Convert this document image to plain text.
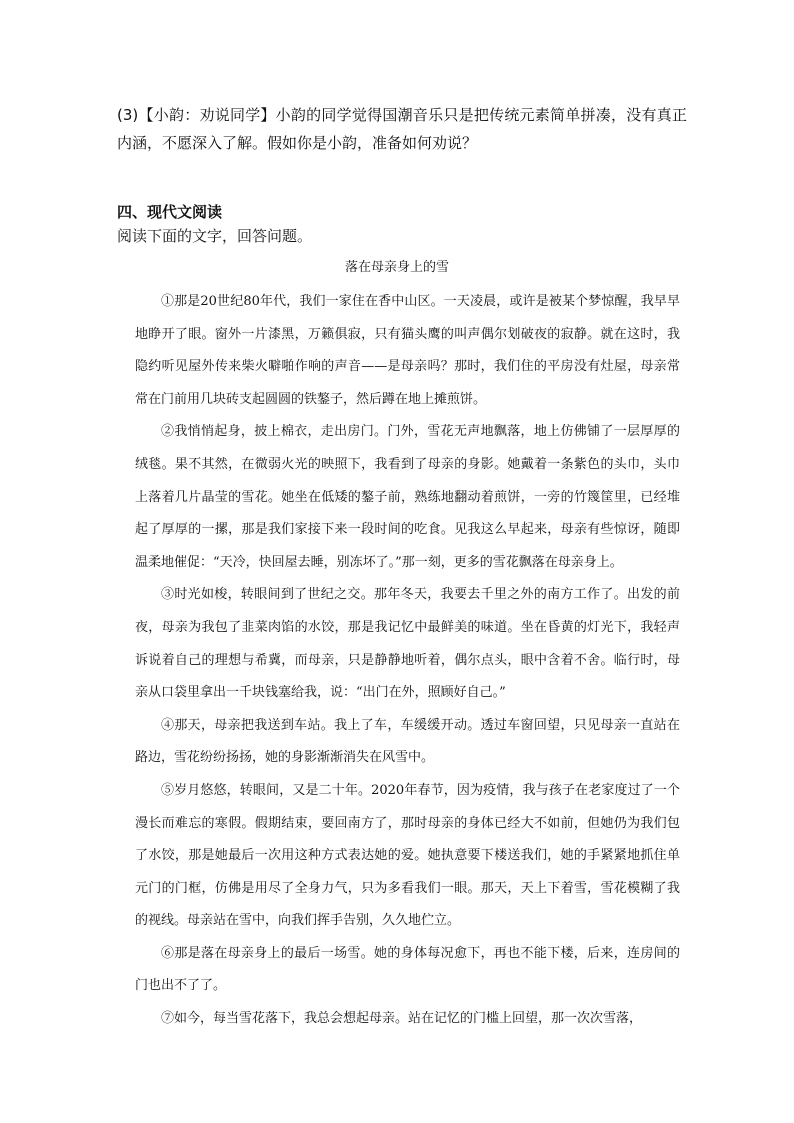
(3)【小韵：劝说同学】小韵的同学觉得国潮音乐只是把传统元素简单拼凑，没有真正内涵，不愿深入了解。假如你是小韵，准备如何劝说？
四、现代文阅读
阅读下面的文字，回答问题。
落在母亲身上的雪

①那是20世纪80年代，我们一家住在香中山区。一天凌晨，或许是被某个梦惊醒，我早早地睁开了眼。窗外一片漆黑，万籁俱寂，只有猫头鹰的叫声偶尔划破夜的寂静。就在这时，我隐约听见屋外传来柴火噼啪作响的声音——是母亲吗？那时，我们住的平房没有灶屋，母亲常常在门前用几块砖支起圆圆的铁鏊子，然后蹲在地上摊煎饼。

②我悄悄起身，披上棉衣，走出房门。门外，雪花无声地飘落，地上仿佛铺了一层厚厚的绒毯。果不其然，在微弱火光的映照下，我看到了母亲的身影。她戴着一条紫色的头巾，头巾上落着几片晶莹的雪花。她坐在低矮的鏊子前，熟练地翻动着煎饼，一旁的竹篾筐里，已经堆起了厚厚的一摞，那是我们家接下来一段时间的吃食。见我这么早起来，母亲有些惊讶，随即温柔地催促：“天冷，快回屋去睡，别冻坏了。”那一刻，更多的雪花飘落在母亲身上。

③时光如梭，转眼间到了世纪之交。那年冬天，我要去千里之外的南方工作了。出发的前夜，母亲为我包了韭菜肉馅的水饺，那是我记忆中最鲜美的味道。坐在昏黄的灯光下，我轻声诉说着自己的理想与希冀，而母亲，只是静静地听着，偶尔点头，眼中含着不舍。临行时，母亲从口袋里拿出一千块钱塞给我，说：“出门在外，照顾好自己。”

④那天，母亲把我送到车站。我上了车，车缓缓开动。透过车窗回望，只见母亲一直站在路边，雪花纷纷扬扬，她的身影渐渐消失在风雪中。

⑤岁月悠悠，转眼间，又是二十年。2020年春节，因为疫情，我与孩子在老家度过了一个漫长而难忘的寒假。假期结束，要回南方了，那时母亲的身体已经大不如前，但她仍为我们包了水饺，那是她最后一次用这种方式表达她的爱。她执意要下楼送我们，她的手紧紧地抓住单元门的门框，仿佛是用尽了全身力气，只为多看我们一眼。那天，天上下着雪，雪花模糊了我的视线。母亲站在雪中，向我们挥手告别，久久地伫立。

⑥那是落在母亲身上的最后一场雪。她的身体每况愈下，再也不能下楼，后来，连房间的门也出不了了。

⑦如今，每当雪花落下，我总会想起母亲。站在记忆的门槛上回望，那一次次雪落，
